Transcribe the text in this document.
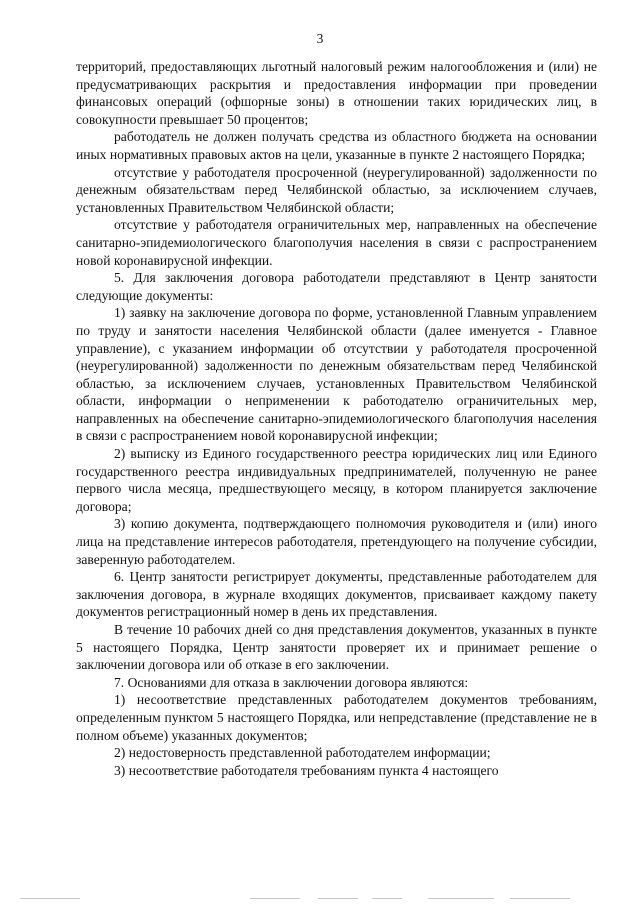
3

территорий, предоставляющих льготный налоговый режим налогообложения и (или) не предусматривающих раскрытия и предоставления информации при проведении финансовых операций (офшорные зоны) в отношении таких юридических лиц, в совокупности превышает 50 процентов;

работодатель не должен получать средства из областного бюджета на основании иных нормативных правовых актов на цели, указанные в пункте 2 настоящего Порядка;

отсутствие у работодателя просроченной (неурегулированной) задолженности по денежным обязательствам перед Челябинской областью, за исключением случаев, установленных Правительством Челябинской области;

отсутствие у работодателя ограничительных мер, направленных на обеспечение санитарно-эпидемиологического благополучия населения в связи с распространением новой коронавирусной инфекции.

5. Для заключения договора работодатели представляют в Центр занятости следующие документы:

1) заявку на заключение договора по форме, установленной Главным управлением по труду и занятости населения Челябинской области (далее именуется - Главное управление), с указанием информации об отсутствии у работодателя просроченной (неурегулированной) задолженности по денежным обязательствам перед Челябинской областью, за исключением случаев, установленных Правительством Челябинской области, информации о неприменении к работодателю ограничительных мер, направленных на обеспечение санитарно-эпидемиологического благополучия населения в связи с распространением новой коронавирусной инфекции;

2) выписку из Единого государственного реестра юридических лиц или Единого государственного реестра индивидуальных предпринимателей, полученную не ранее первого числа месяца, предшествующего месяцу, в котором планируется заключение договора;

3) копию документа, подтверждающего полномочия руководителя и (или) иного лица на представление интересов работодателя, претендующего на получение субсидии, заверенную работодателем.

6. Центр занятости регистрирует документы, представленные работодателем для заключения договора, в журнале входящих документов, присваивает каждому пакету документов регистрационный номер в день их представления.

В течение 10 рабочих дней со дня представления документов, указанных в пункте 5 настоящего Порядка, Центр занятости проверяет их и принимает решение о заключении договора или об отказе в его заключении.

7. Основаниями для отказа в заключении договора являются:

1) несоответствие представленных работодателем документов требованиям, определенным пунктом 5 настоящего Порядка, или непредставление (представление не в полном объеме) указанных документов;

2) недостоверность представленной работодателем информации;

3) несоответствие работодателя требованиям пункта 4 настоящего
